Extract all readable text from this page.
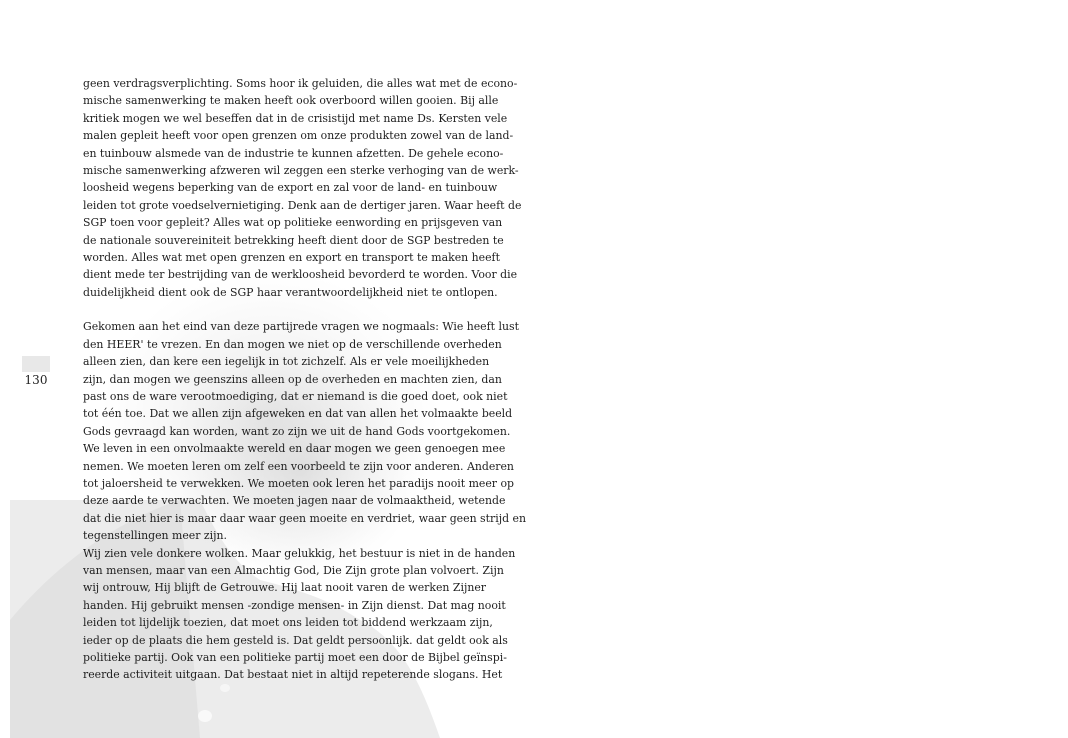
130
geen verdragsverplichting. Soms hoor ik geluiden, die alles wat met de econo-
mische samenwerking te maken heeft ook overboord willen gooien. Bij alle
kritiek mogen we wel beseffen dat in de crisistijd met name Ds. Kersten vele
malen gepleit heeft voor open grenzen om onze produkten zowel van de land-
en tuinbouw alsmede van de industrie te kunnen afzetten. De gehele econo-
mische samenwerking afzweren wil zeggen een sterke verhoging van de werk-
loosheid wegens beperking van de export en zal voor de land- en tuinbouw
leiden tot grote voedselvernietiging. Denk aan de dertiger jaren. Waar heeft de
SGP toen voor gepleit? Alles wat op politieke eenwording en prijsgeven van
de nationale souvereiniteit betrekking heeft dient door de SGP bestreden te
worden. Alles wat met open grenzen en export en transport te maken heeft
dient mede ter bestrijding van de werkloosheid bevorderd te worden. Voor die
duidelijkheid dient ook de SGP haar verantwoordelijkheid niet te ontlopen.
Gekomen aan het eind van deze partijrede vragen we nogmaals: Wie heeft lust
den HEER' te vrezen. En dan mogen we niet op de verschillende overheden
alleen zien, dan kere een iegelijk in tot zichzelf. Als er vele moeilijkheden
zijn, dan mogen we geenszins alleen op de overheden en machten zien, dan
past ons de ware verootmoediging, dat er niemand is die goed doet, ook niet
tot één toe. Dat we allen zijn afgeweken en dat van allen het volmaakte beeld
Gods gevraagd kan worden, want zo zijn we uit de hand Gods voortgekomen.
We leven in een onvolmaakte wereld en daar mogen we geen genoegen mee
nemen. We moeten leren om zelf een voorbeeld te zijn voor anderen. Anderen
tot jaloersheid te verwekken. We moeten ook leren het paradijs nooit meer op
deze aarde te verwachten. We moeten jagen naar de volmaaktheid, wetende
dat die niet hier is maar daar waar geen moeite en verdriet, waar geen strijd en
tegenstellingen meer zijn.
Wij zien vele donkere wolken. Maar gelukkig, het bestuur is niet in de handen
van mensen, maar van een Almachtig God, Die Zijn grote plan volvoert. Zijn
wij ontrouw, Hij blijft de Getrouwe. Hij laat nooit varen de werken Zijner
handen. Hij gebruikt mensen -zondige mensen- in Zijn dienst. Dat mag nooit
leiden tot lijdelijk toezien, dat moet ons leiden tot biddend werkzaam zijn,
ieder op de plaats die hem gesteld is. Dat geldt persoonlijk. dat geldt ook als
politieke partij. Ook van een politieke partij moet een door de Bijbel geïnspi-
reerde activiteit uitgaan. Dat bestaat niet in altijd repeterende slogans. Het
